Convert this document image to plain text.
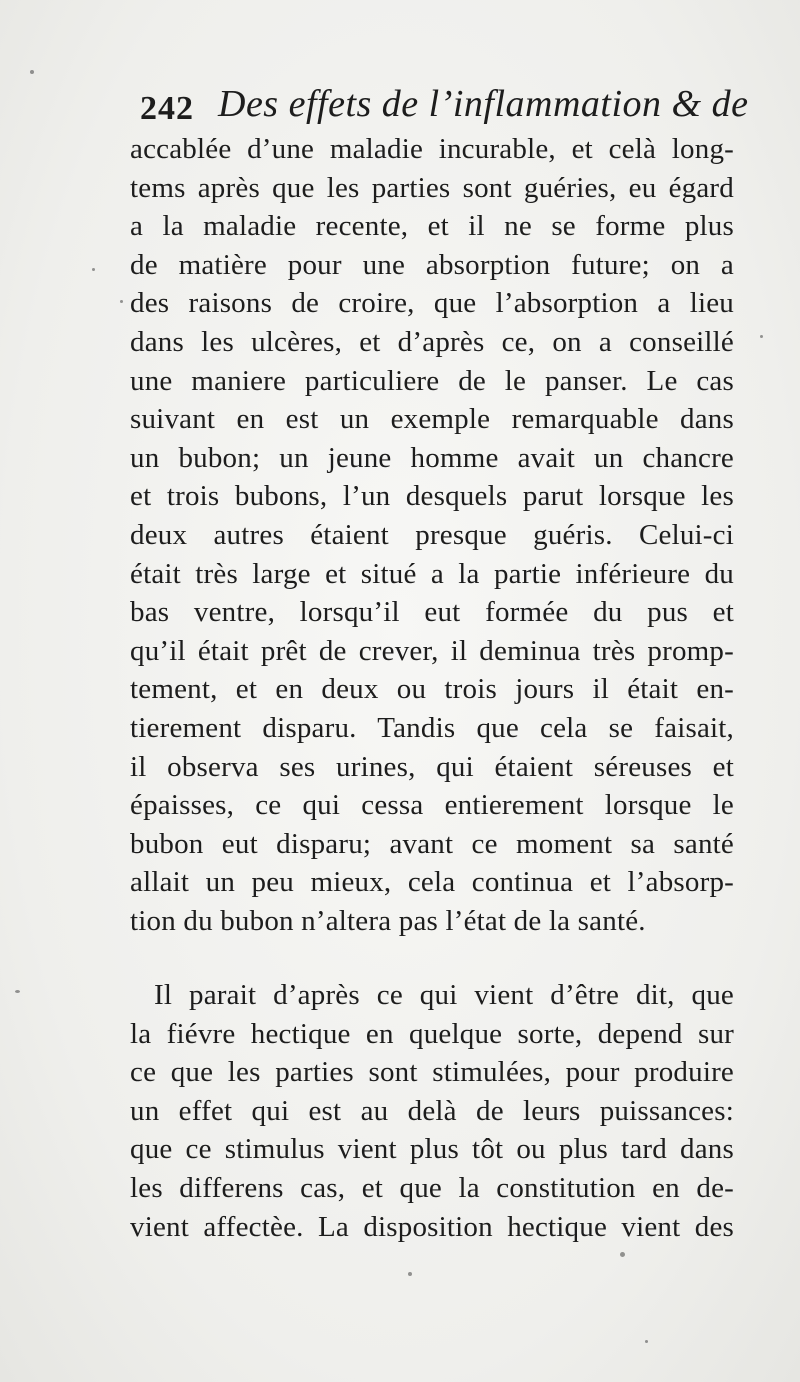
242 Des effets de l’inflammation & de
accablée d’une maladie incurable, et celà long-
tems après que les parties sont guéries, eu égard
a la maladie recente, et il ne se forme plus
de matière pour une absorption future; on a
des raisons de croire, que l’absorption a lieu
dans les ulcères, et d’après ce, on a conseillé
une maniere particuliere de le panser. Le cas
suivant en est un exemple remarquable dans
un bubon; un jeune homme avait un chancre
et trois bubons, l’un desquels parut lorsque les
deux autres étaient presque guéris. Celui-ci
était très large et situé a la partie inférieure du
bas ventre, lorsqu’il eut formée du pus et
qu’il était prêt de crever, il deminua très promp-
tement, et en deux ou trois jours il était en-
tierement disparu. Tandis que cela se faisait,
il observa ses urines, qui étaient séreuses et
épaisses, ce qui cessa entierement lorsque le
bubon eut disparu; avant ce moment sa santé
allait un peu mieux, cela continua et l’absorp-
tion du bubon n’altera pas l’état de la santé.
Il parait d’après ce qui vient d’être dit, que
la fiévre hectique en quelque sorte, depend sur
ce que les parties sont stimulées, pour produire
un effet qui est au delà de leurs puissances:
que ce stimulus vient plus tôt ou plus tard dans
les differens cas, et que la constitution en de-
vient affectèe. La disposition hectique vient des
